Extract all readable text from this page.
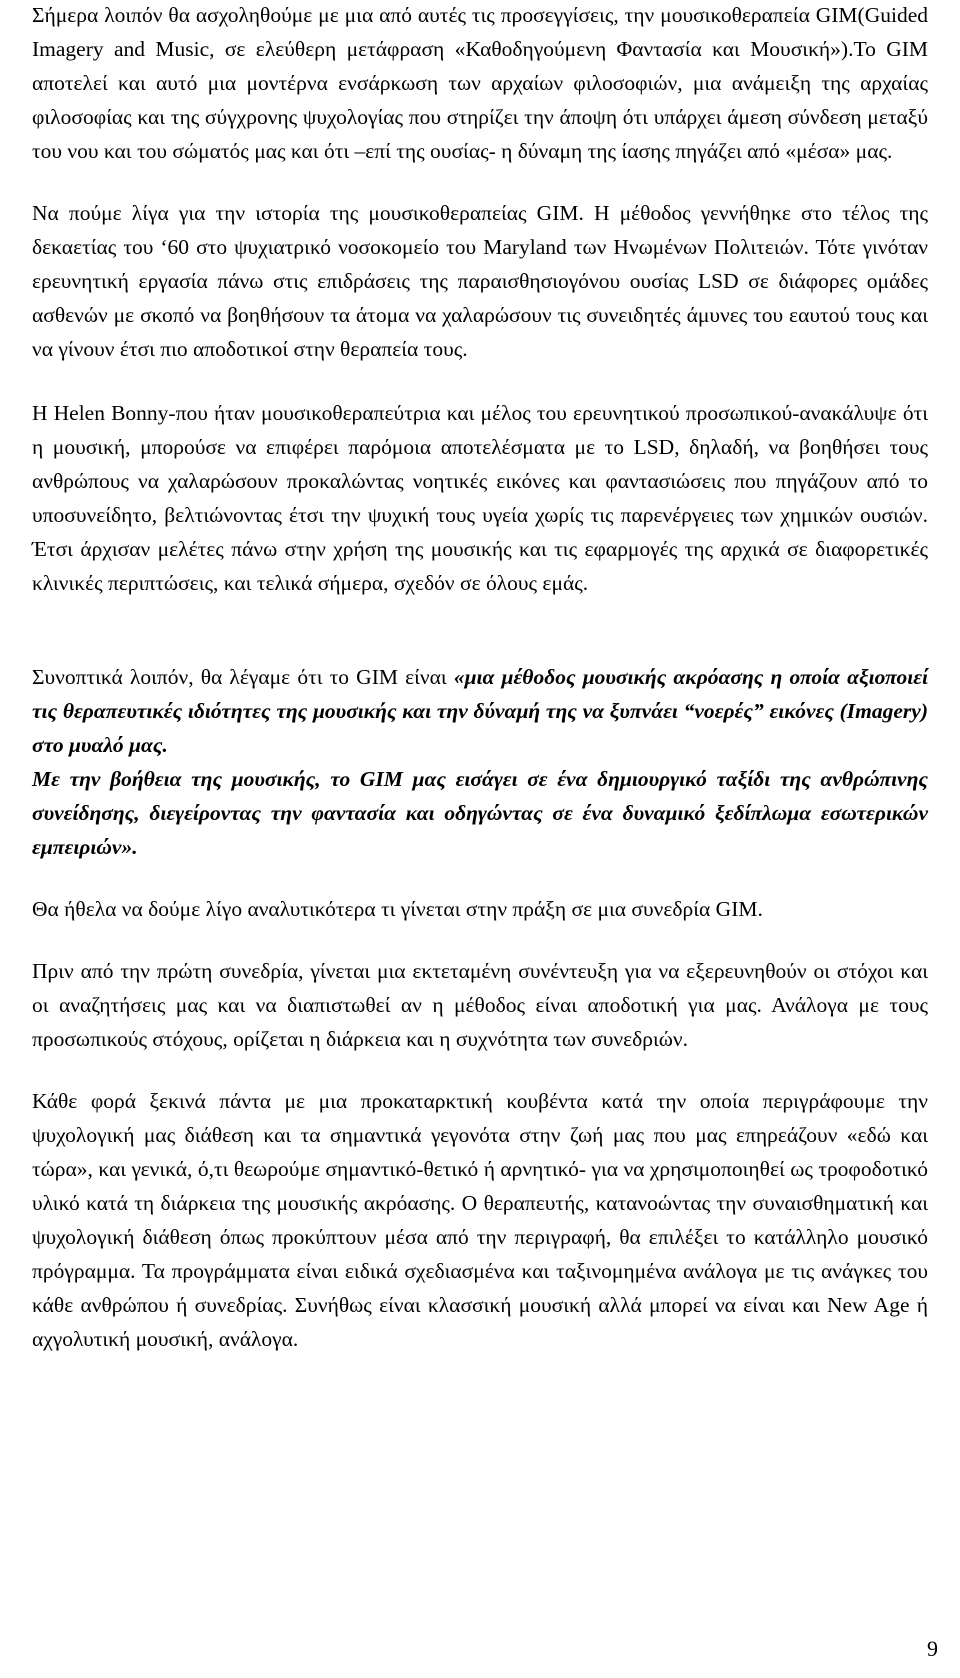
Σήμερα λοιπόν θα ασχοληθούμε με μια από αυτές τις προσεγγίσεις, την μουσικοθεραπεία GIM(Guided Imagery and Music, σε ελεύθερη μετάφραση «Καθοδηγούμενη Φαντασία και Μουσική»).Το GIM αποτελεί και αυτό μια μοντέρνα ενσάρκωση των αρχαίων φιλοσοφιών, μια ανάμειξη της αρχαίας φιλοσοφίας και της σύγχρονης ψυχολογίας που στηρίζει την άποψη ότι υπάρχει άμεση σύνδεση μεταξύ του νου και του σώματός μας και ότι –επί της ουσίας- η δύναμη της ίασης πηγάζει από «μέσα» μας.

Να πούμε λίγα για την ιστορία της μουσικοθεραπείας GIM. Η μέθοδος γεννήθηκε στο τέλος της δεκαετίας του ‘60 στο ψυχιατρικό νοσοκομείο του Maryland των Ηνωμένων Πολιτειών. Τότε γινόταν ερευνητική εργασία πάνω στις επιδράσεις της παραισθησιογόνου ουσίας LSD σε διάφορες ομάδες ασθενών με σκοπό να βοηθήσουν τα άτομα να χαλαρώσουν τις συνειδητές άμυνες του εαυτού τους και να γίνουν έτσι πιο αποδοτικοί στην θεραπεία τους.

Η Helen Bonny-που ήταν μουσικοθεραπεύτρια και μέλος του ερευνητικού προσωπικού-ανακάλυψε ότι η μουσική, μπορούσε να επιφέρει παρόμοια αποτελέσματα με το LSD, δηλαδή, να βοηθήσει τους ανθρώπους να χαλαρώσουν προκαλώντας νοητικές εικόνες και φαντασιώσεις που πηγάζουν από το υποσυνείδητο, βελτιώνοντας έτσι την ψυχική τους υγεία χωρίς τις παρενέργειες των χημικών ουσιών. Έτσι άρχισαν μελέτες πάνω στην χρήση της μουσικής και τις εφαρμογές της αρχικά σε διαφορετικές κλινικές περιπτώσεις, και τελικά σήμερα, σχεδόν σε όλους εμάς.

Συνοπτικά λοιπόν, θα λέγαμε ότι το GIM είναι «μια μέθοδος μουσικής ακρόασης η οποία αξιοποιεί τις θεραπευτικές ιδιότητες της μουσικής και την δύναμή της να ξυπνάει “νοερές” εικόνες (Imagery) στο μυαλό μας.

Με την βοήθεια της μουσικής, το GIM μας εισάγει σε ένα δημιουργικό ταξίδι της ανθρώπινης συνείδησης, διεγείροντας την φαντασία και οδηγώντας σε ένα δυναμικό ξεδίπλωμα εσωτερικών εμπειριών».

Θα ήθελα να δούμε λίγο αναλυτικότερα τι γίνεται στην πράξη σε μια συνεδρία GIM.

Πριν από την πρώτη συνεδρία, γίνεται μια εκτεταμένη συνέντευξη για να εξερευνηθούν οι στόχοι και οι αναζητήσεις μας και να διαπιστωθεί αν η μέθοδος είναι αποδοτική για μας. Ανάλογα με τους προσωπικούς στόχους, ορίζεται η διάρκεια και η συχνότητα των συνεδριών.

Κάθε φορά ξεκινά πάντα με μια προκαταρκτική κουβέντα κατά την οποία περιγράφουμε την ψυχολογική μας διάθεση και τα σημαντικά γεγονότα στην ζωή μας που μας επηρεάζουν «εδώ και τώρα», και γενικά, ό,τι θεωρούμε σημαντικό-θετικό ή αρνητικό- για να χρησιμοποιηθεί ως τροφοδοτικό υλικό κατά τη διάρκεια της μουσικής ακρόασης. Ο θεραπευτής, κατανοώντας την συναισθηματική και ψυχολογική διάθεση όπως προκύπτουν μέσα από την περιγραφή, θα επιλέξει το κατάλληλο μουσικό πρόγραμμα. Τα προγράμματα είναι ειδικά σχεδιασμένα και ταξινομημένα ανάλογα με τις ανάγκες του κάθε ανθρώπου ή συνεδρίας. Συνήθως είναι κλασσική μουσική αλλά μπορεί να είναι και New Age ή αχγολυτική μουσική, ανάλογα.

9
